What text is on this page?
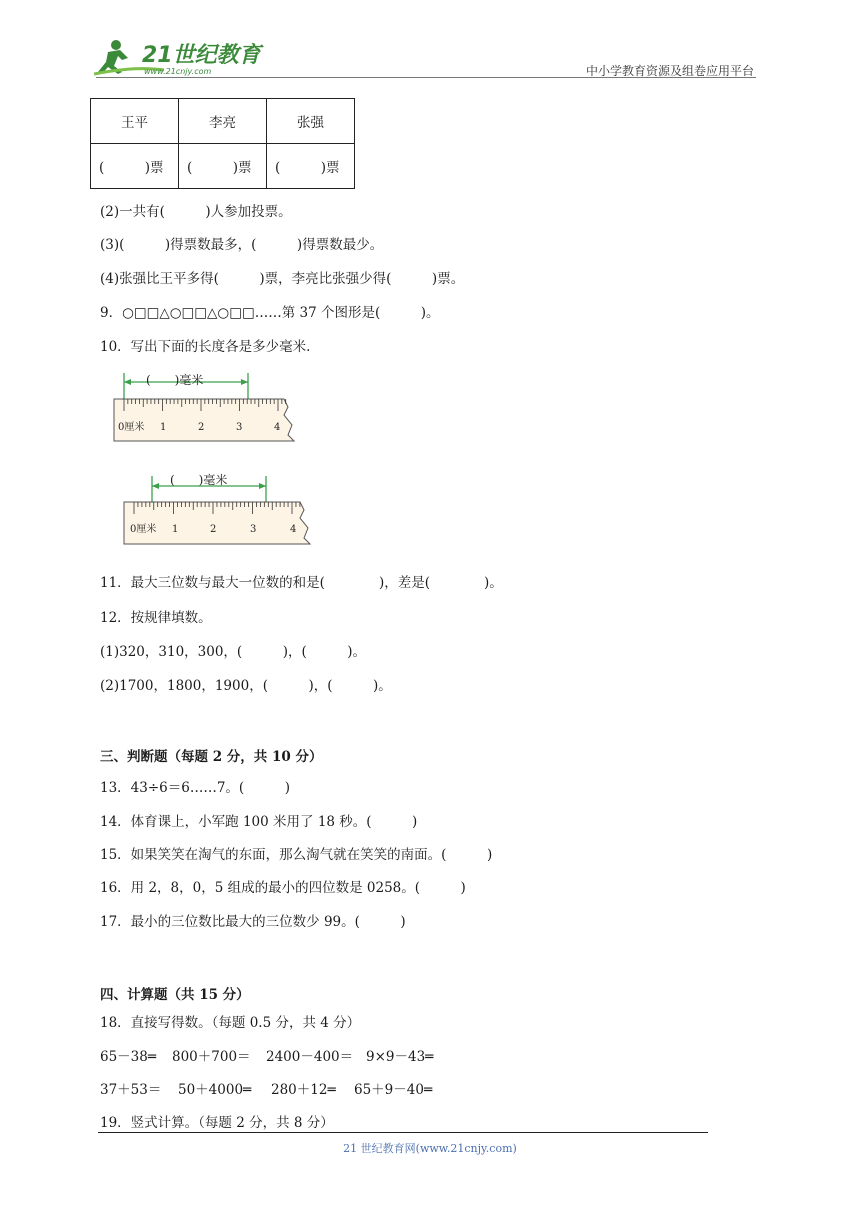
21世纪教育
www.21cnjy.com	中小学教育资源及组卷应用平台
王平	李亮	张强
(　　　)票	(　　　)票	(　　　)票
(2)一共有(　　　)人参加投票。
(3)(　　　)得票数最多，(　　　)得票数最少。
(4)张强比王平多得(　　　)票，李亮比张强少得(　　　)票。
9．○□□△○□□△○□□……第 37 个图形是(　　　)。
10．写出下面的长度各是多少毫米.
(　　)毫米
0厘米 1	2	3	4
(　　)毫米
0厘米 1	2	3	4
11．最大三位数与最大一位数的和是(　　　　)，差是(　　　　)。
12．按规律填数。
(1)320，310，300，(　　　)，(　　　)。
(2)1700，1800，1900，(　　　)，(　　　)。
三、判断题（每题 2 分，共 10 分）
13．43÷6＝6……7。(　　　)
14．体育课上，小军跑 100 米用了 18 秒。(　　　)
15．如果笑笑在淘气的东面，那么淘气就在笑笑的南面。(　　　)
16．用 2，8，0，5 组成的最小的四位数是 0258。(　　　)
17．最小的三位数比最大的三位数少 99。(　　　)
四、计算题（共 15 分）
18．直接写得数。（每题 0.5 分，共 4 分）
65－38═ 800＋700＝ 2400－400＝ 9×9－43═
37＋53＝ 50＋4000═ 280＋12═ 65＋9－40═
19．竖式计算。（每题 2 分，共 8 分）
21 世纪教育网(www.21cnjy.com)
